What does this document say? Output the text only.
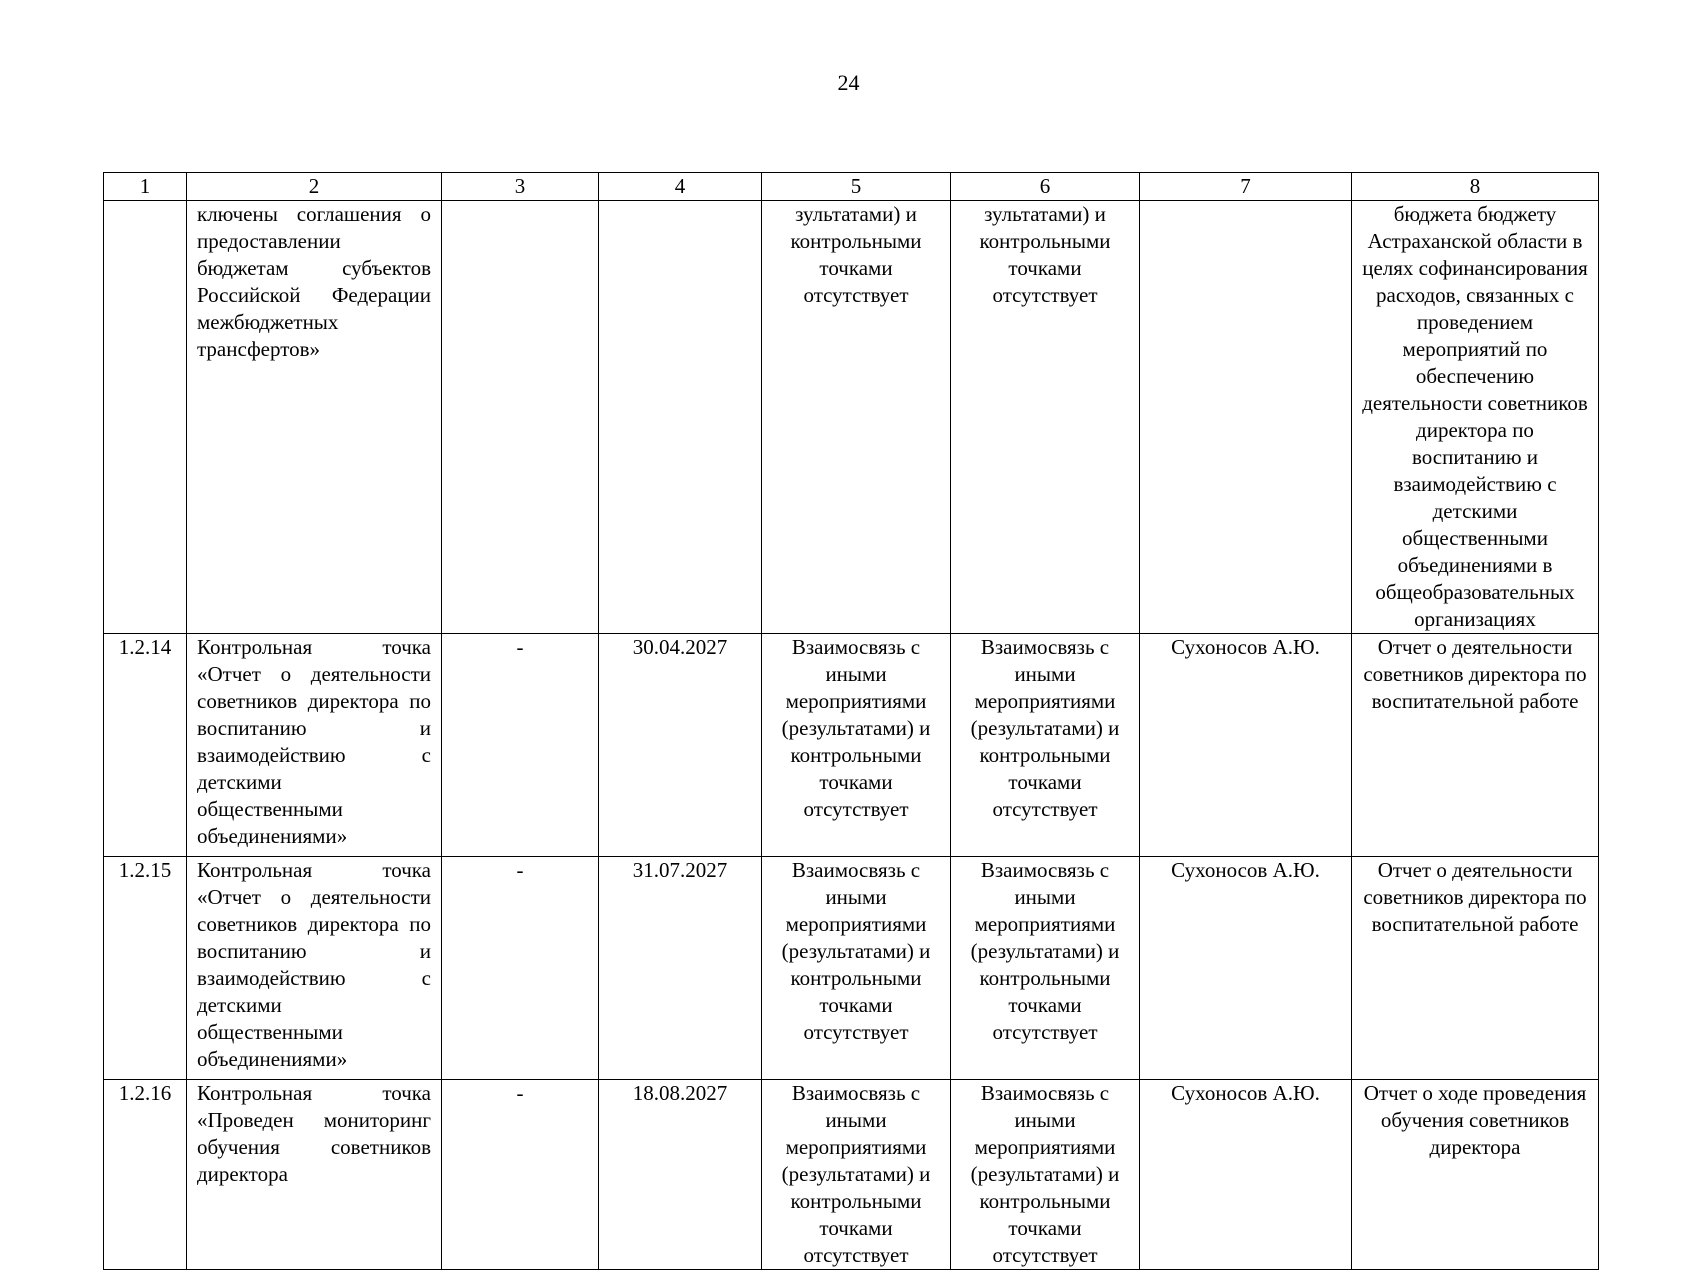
24
1	2	3	4	5	6	7	8
	ключены соглашения о предоставлении бюджетам субъектов Российской Федерации межбюджетных трансфертов»			зультатами) и контрольными точками отсутствует	зультатами) и контрольными точками отсутствует		бюджета бюджету Астраханской области в целях софинансирования расходов, связанных с проведением мероприятий по обеспечению деятельности советников директора по воспитанию и взаимодействию с детскими общественными объединениями в общеобразовательных организациях
1.2.14	Контрольная точка «Отчет о деятельности советников директора по воспитанию и взаимодействию с детскими общественными объединениями»	-	30.04.2027	Взаимосвязь с иными мероприятиями (результатами) и контрольными точками отсутствует	Взаимосвязь с иными мероприятиями (результатами) и контрольными точками отсутствует	Сухоносов А.Ю.	Отчет о деятельности советников директора по воспитательной работе
1.2.15	Контрольная точка «Отчет о деятельности советников директора по воспитанию и взаимодействию с детскими общественными объединениями»	-	31.07.2027	Взаимосвязь с иными мероприятиями (результатами) и контрольными точками отсутствует	Взаимосвязь с иными мероприятиями (результатами) и контрольными точками отсутствует	Сухоносов А.Ю.	Отчет о деятельности советников директора по воспитательной работе
1.2.16	Контрольная точка «Проведен мониторинг обучения советников директора	-	18.08.2027	Взаимосвязь с иными мероприятиями (результатами) и контрольными точками отсутствует	Взаимосвязь с иными мероприятиями (результатами) и контрольными точками отсутствует	Сухоносов А.Ю.	Отчет о ходе проведения обучения советников директора
